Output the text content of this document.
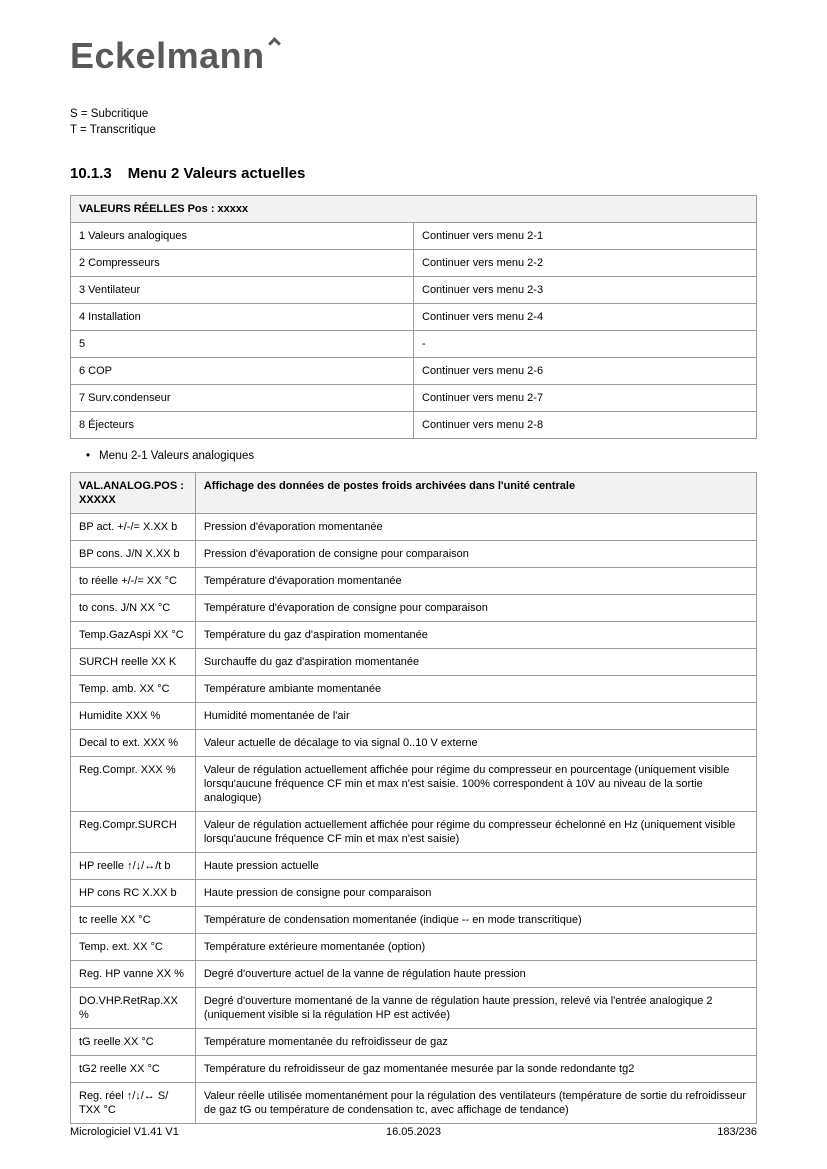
Eckelmann
S = Subcritique
T = Transcritique
10.1.3 Menu 2 Valeurs actuelles
VALEURS RÉELLES Pos : xxxxx	
1 Valeurs analogiques	Continuer vers menu 2-1
2 Compresseurs	Continuer vers menu 2-2
3 Ventilateur	Continuer vers menu 2-3
4 Installation	Continuer vers menu 2-4
5	-
6 COP	Continuer vers menu 2-6
7 Surv.condenseur	Continuer vers menu 2-7
8 Éjecteurs	Continuer vers menu 2-8
• Menu 2-1 Valeurs analogiques
VAL.ANALOG.POS : XXXXX	Affichage des données de postes froids archivées dans l'unité centrale
BP act. +/-/= X.XX b	Pression d'évaporation momentanée
BP cons. J/N X.XX b	Pression d'évaporation de consigne pour comparaison
to réelle +/-/= XX °C	Température d'évaporation momentanée
to cons. J/N XX °C	Température d'évaporation de consigne pour comparaison
Temp.GazAspi XX °C	Température du gaz d'aspiration momentanée
SURCH reelle XX K	Surchauffe du gaz d'aspiration momentanée
Temp. amb. XX °C	Température ambiante momentanée
Humidite XXX %	Humidité momentanée de l'air
Decal to ext. XXX %	Valeur actuelle de décalage to via signal 0..10 V externe
Reg.Compr. XXX %	Valeur de régulation actuellement affichée pour régime du compresseur en pourcentage (uniquement visible lorsqu'aucune fréquence CF min et max n'est saisie. 100% correspondent à 10V au niveau de la sortie analogique)
Reg.Compr.SURCH	Valeur de régulation actuellement affichée pour régime du compresseur échelonné en Hz (uniquement visible lorsqu'aucune fréquence CF min et max n'est saisie)
HP reelle ↑/↓/↔/t b	Haute pression actuelle
HP cons RC X.XX b	Haute pression de consigne pour comparaison
tc reelle XX °C	Température de condensation momentanée (indique -- en mode transcritique)
Temp. ext. XX °C	Température extérieure momentanée (option)
Reg. HP vanne XX %	Degré d'ouverture actuel de la vanne de régulation haute pression
DO.VHP.RetRap.XX %	Degré d'ouverture momentané de la vanne de régulation haute pression, relevé via l'entrée analogique 2 (uniquement visible si la régulation HP est activée)
tG reelle XX °C	Température momentanée du refroidisseur de gaz
tG2 reelle XX °C	Température du refroidisseur de gaz momentanée mesurée par la sonde redondante tg2
Reg. réel ↑/↓/↔ S/ TXX °C	Valeur réelle utilisée momentanément pour la régulation des ventilateurs (température de sortie du refroidisseur de gaz tG ou température de condensation tc, avec affichage de tendance)
Micrologiciel V1.41 V1	16.05.2023	183/236
